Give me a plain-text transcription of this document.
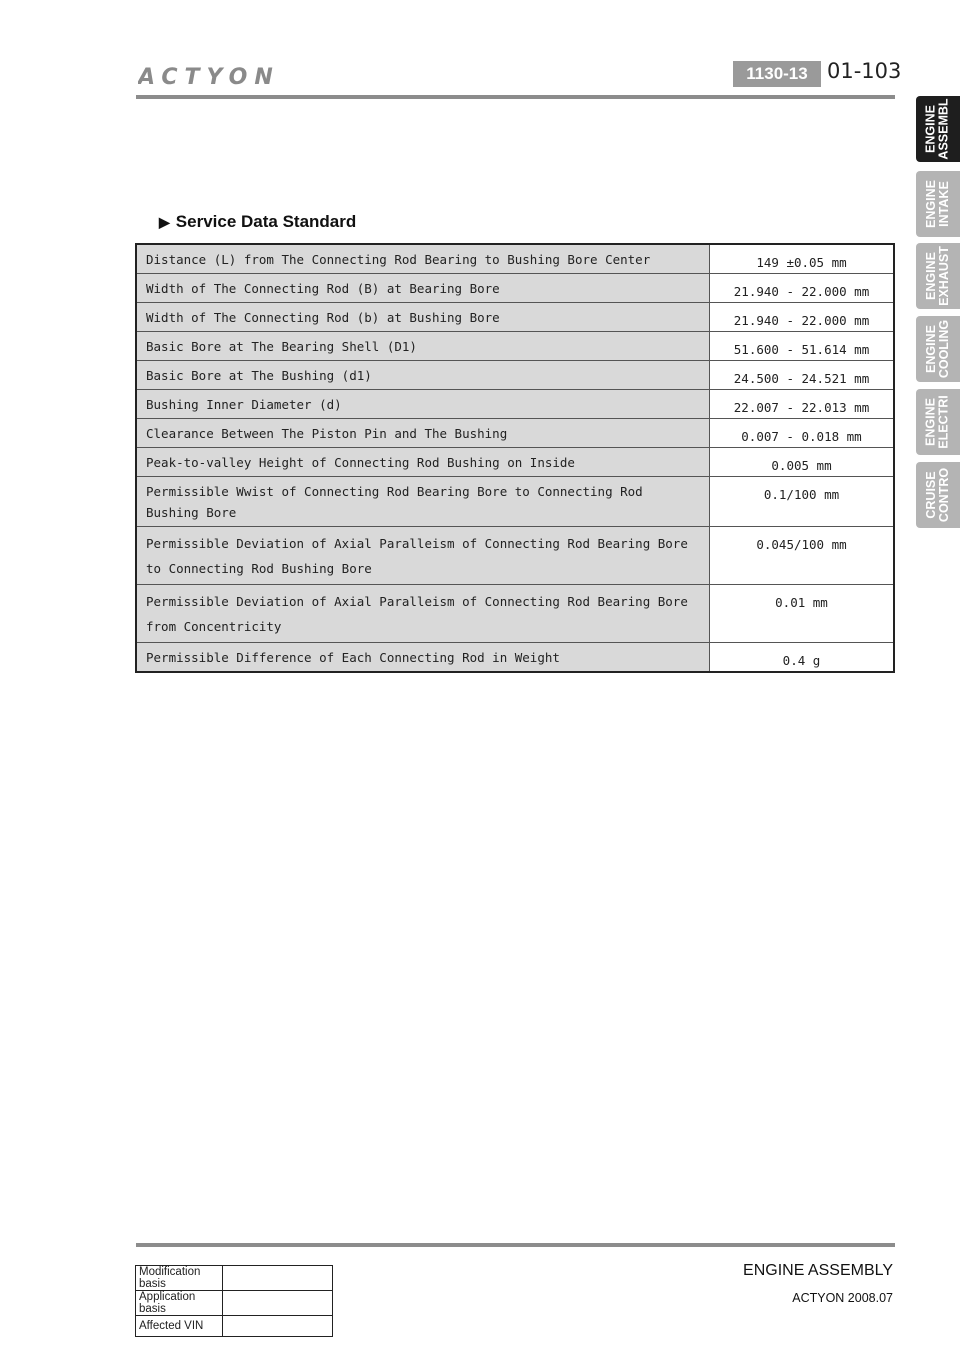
ACTYON	1130-13 01-103
ENGINE
ASSEMBL
ENGINE
INTAKE
ENGINE
EXHAUST
ENGINE
COOLING
ENGINE
ELECTRI
CRUISE
CONTRO
▶ Service Data Standard
Distance (L) from The Connecting Rod Bearing to Bushing Bore Center	149 ±0.05 mm
Width of The Connecting Rod (B) at Bearing Bore	21.940 - 22.000 mm
Width of The Connecting Rod (b) at Bushing Bore	21.940 - 22.000 mm
Basic Bore at The Bearing Shell (D1)	51.600 - 51.614 mm
Basic Bore at The Bushing (d1)	24.500 - 24.521 mm
Bushing Inner Diameter (d)	22.007 - 22.013 mm
Clearance Between The Piston Pin and The Bushing	0.007 - 0.018 mm
Peak-to-valley Height of Connecting Rod Bushing on Inside	0.005 mm
Permissible Wwist of Connecting Rod Bearing Bore to Connecting Rod Bushing Bore	0.1/100 mm
Permissible Deviation of Axial Paralleism of Connecting Rod Bearing Bore to Connecting Rod Bushing Bore	0.045/100 mm
Permissible Deviation of Axial Paralleism of Connecting Rod Bearing Bore from Concentricity	0.01 mm
Permissible Difference of Each Connecting Rod in Weight	0.4 g
Modification basis	
Application basis	
Affected VIN	
ENGINE ASSEMBLY
ACTYON 2008.07
